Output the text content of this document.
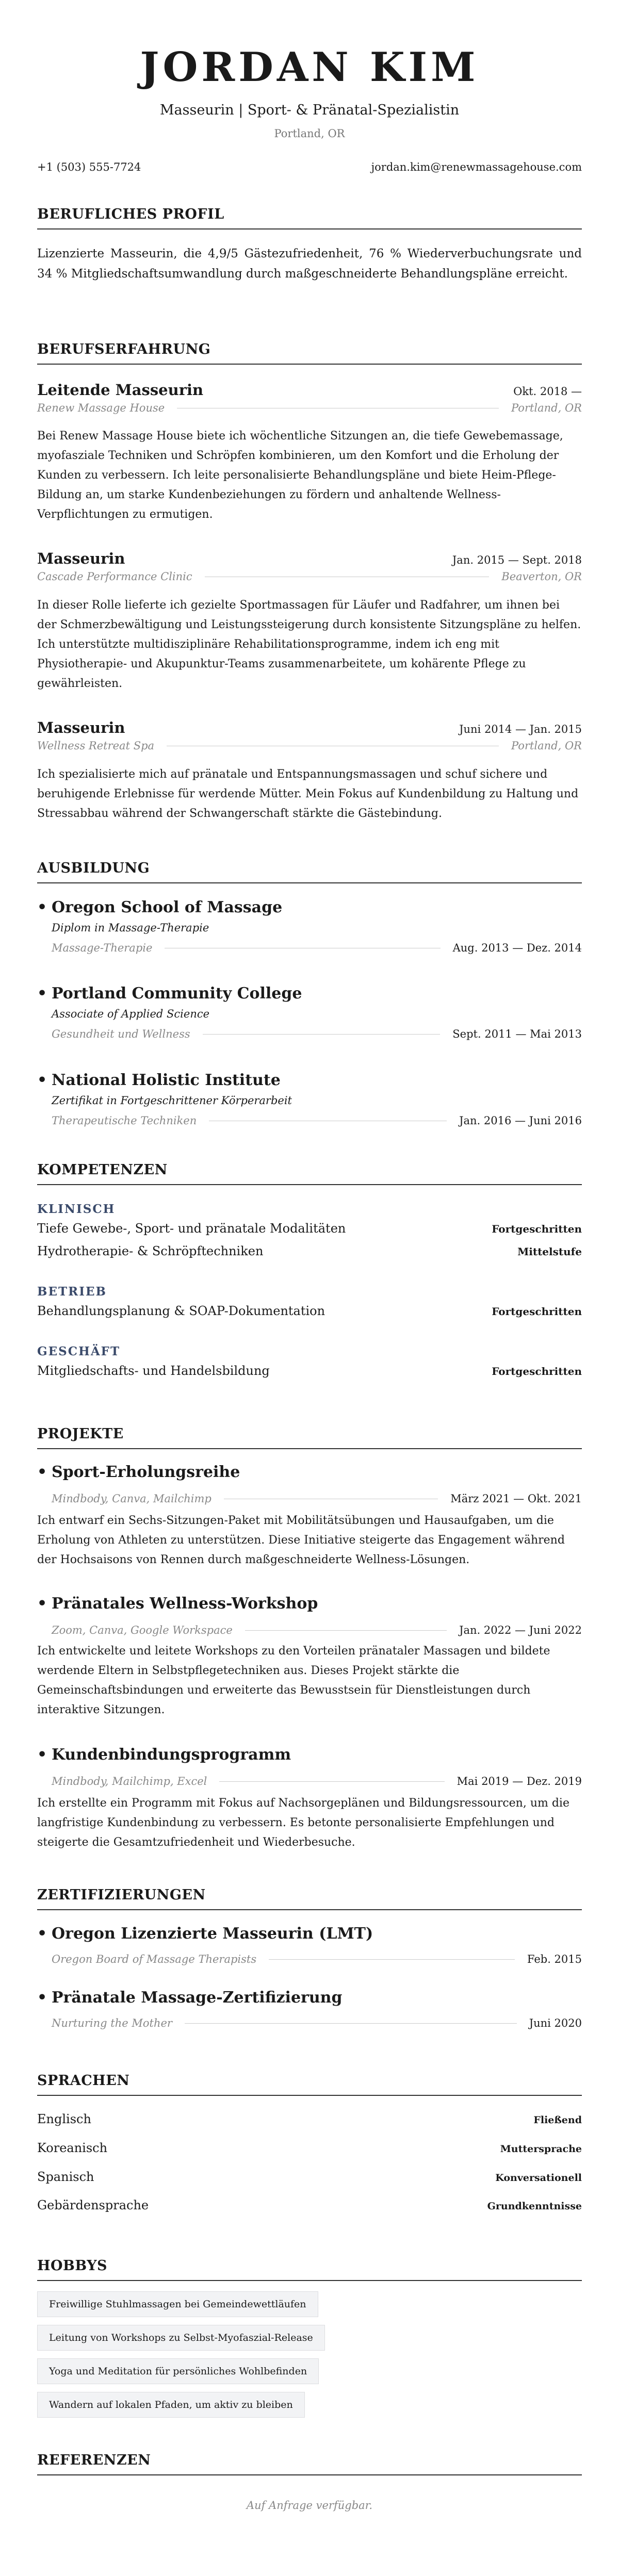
JORDAN KIM

Masseurin | Sport- & Pränatal-Spezialistin

Portland, OR

+1 (503) 555-7724	jordan.kim@renewmassagehouse.com
BERUFLICHES PROFIL

Lizenzierte Masseurin, die 4,9/5 Gästezufriedenheit, 76 % Wiederverbuchungsrate und 34 % Mitgliedschaftsumwandlung durch maßgeschneiderte Behandlungspläne erreicht.

BERUFSERFAHRUNG
Leitende Masseurin	Okt. 2018 —
Renew Massage House	Portland, OR

Bei Renew Massage House biete ich wöchentliche Sitzungen an, die tiefe Gewebemassage, myofasziale Techniken und Schröpfen kombinieren, um den Komfort und die Erholung der Kunden zu verbessern. Ich leite personalisierte Behandlungspläne und biete Heim-Pflege-Bildung an, um starke Kundenbeziehungen zu fördern und anhaltende Wellness-Verpflichtungen zu ermutigen.

Masseurin	Jan. 2015 — Sept. 2018
Cascade Performance Clinic	Beaverton, OR

In dieser Rolle lieferte ich gezielte Sportmassagen für Läufer und Radfahrer, um ihnen bei der Schmerzbewältigung und Leistungssteigerung durch konsistente Sitzungspläne zu helfen. Ich unterstützte multidisziplinäre Rehabilitationsprogramme, indem ich eng mit Physiotherapie- und Akupunktur-Teams zusammenarbeitete, um kohärente Pflege zu gewährleisten.

Masseurin	Juni 2014 — Jan. 2015
Wellness Retreat Spa	Portland, OR

Ich spezialisierte mich auf pränatale und Entspannungsmassagen und schuf sichere und beruhigende Erlebnisse für werdende Mütter. Mein Fokus auf Kundenbildung zu Haltung und Stressabbau während der Schwangerschaft stärkte die Gästebindung.

AUSBILDUNG
• Oregon School of Massage
Diplom in Massage-Therapie
Massage-Therapie	Aug. 2013 — Dez. 2014
• Portland Community College
Associate of Applied Science
Gesundheit und Wellness	Sept. 2011 — Mai 2013
• National Holistic Institute
Zertifikat in Fortgeschrittener Körperarbeit
Therapeutische Techniken	Jan. 2016 — Juni 2016
KOMPETENZEN
KLINISCH
Tiefe Gewebe-, Sport- und pränatale Modalitäten	Fortgeschritten
Hydrotherapie- & Schröpftechniken	Mittelstufe
BETRIEB
Behandlungsplanung & SOAP-Dokumentation	Fortgeschritten
GESCHÄFT
Mitgliedschafts- und Handelsbildung	Fortgeschritten
PROJEKTE
• Sport-Erholungsreihe
Mindbody, Canva, Mailchimp	März 2021 — Okt. 2021

Ich entwarf ein Sechs-Sitzungen-Paket mit Mobilitätsübungen und Hausaufgaben, um die Erholung von Athleten zu unterstützen. Diese Initiative steigerte das Engagement während der Hochsaisons von Rennen durch maßgeschneiderte Wellness-Lösungen.

• Pränatales Wellness-Workshop
Zoom, Canva, Google Workspace	Jan. 2022 — Juni 2022

Ich entwickelte und leitete Workshops zu den Vorteilen pränataler Massagen und bildete werdende Eltern in Selbstpflegetechniken aus. Dieses Projekt stärkte die Gemeinschaftsbindungen und erweiterte das Bewusstsein für Dienstleistungen durch interaktive Sitzungen.

• Kundenbindungsprogramm
Mindbody, Mailchimp, Excel	Mai 2019 — Dez. 2019

Ich erstellte ein Programm mit Fokus auf Nachsorgeplänen und Bildungsressourcen, um die langfristige Kundenbindung zu verbessern. Es betonte personalisierte Empfehlungen und steigerte die Gesamtzufriedenheit und Wiederbesuche.

ZERTIFIZIERUNGEN
• Oregon Lizenzierte Masseurin (LMT)
Oregon Board of Massage Therapists	Feb. 2015
• Pränatale Massage-Zertifizierung
Nurturing the Mother	Juni 2020
SPRACHEN
Englisch	Fließend
Koreanisch	Muttersprache
Spanisch	Konversationell
Gebärdensprache	Grundkenntnisse
HOBBYS
Freiwillige Stuhlmassagen bei Gemeindewettläufen
Leitung von Workshops zu Selbst-Myofaszial-Release
Yoga und Meditation für persönliches Wohlbefinden
Wandern auf lokalen Pfaden, um aktiv zu bleiben
REFERENZEN
Auf Anfrage verfügbar.
